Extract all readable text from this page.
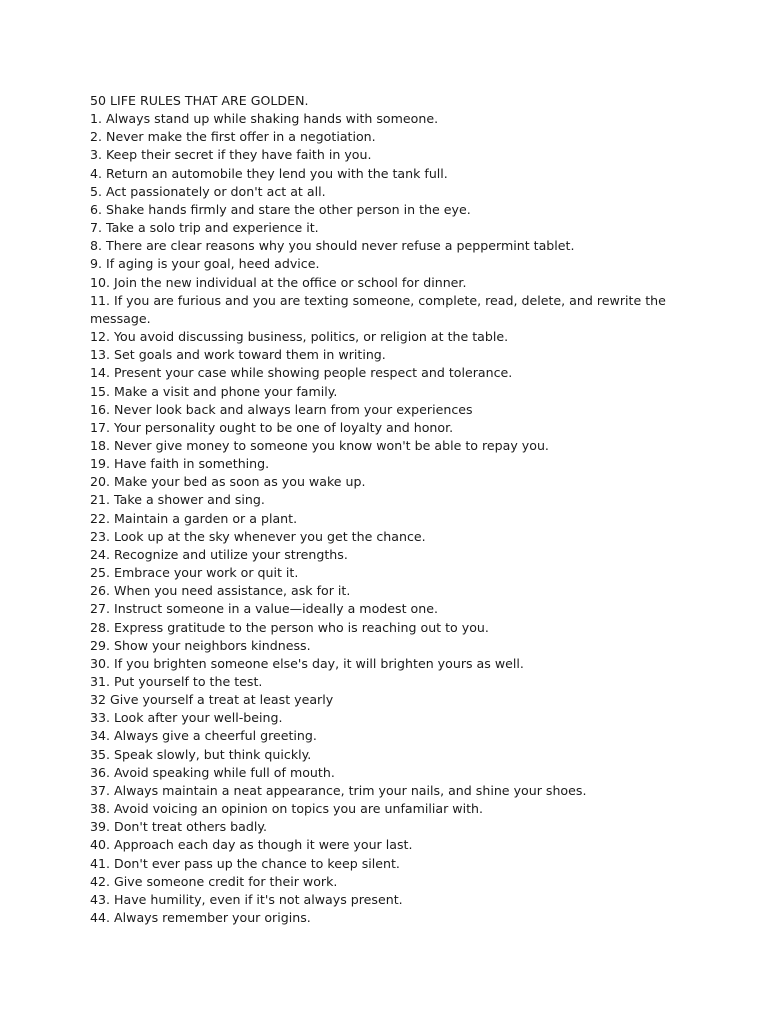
50 LIFE RULES THAT ARE GOLDEN.
1. Always stand up while shaking hands with someone.
2. Never make the first offer in a negotiation.
3. Keep their secret if they have faith in you.
4. Return an automobile they lend you with the tank full.
5. Act passionately or don't act at all.
6. Shake hands firmly and stare the other person in the eye.
7. Take a solo trip and experience it.
8. There are clear reasons why you should never refuse a peppermint tablet.
9. If aging is your goal, heed advice.
10. Join the new individual at the office or school for dinner.
11. If you are furious and you are texting someone, complete, read, delete, and rewrite the message.
12. You avoid discussing business, politics, or religion at the table.
13. Set goals and work toward them in writing.
14. Present your case while showing people respect and tolerance.
15. Make a visit and phone your family.
16. Never look back and always learn from your experiences
17. Your personality ought to be one of loyalty and honor.
18. Never give money to someone you know won't be able to repay you.
19. Have faith in something.
20. Make your bed as soon as you wake up.
21. Take a shower and sing.
22. Maintain a garden or a plant.
23. Look up at the sky whenever you get the chance.
24. Recognize and utilize your strengths.
25. Embrace your work or quit it.
26. When you need assistance, ask for it.
27. Instruct someone in a value—ideally a modest one.
28. Express gratitude to the person who is reaching out to you.
29. Show your neighbors kindness.
30. If you brighten someone else's day, it will brighten yours as well.
31. Put yourself to the test.
32 Give yourself a treat at least yearly
33. Look after your well-being.
34. Always give a cheerful greeting.
35. Speak slowly, but think quickly.
36. Avoid speaking while full of mouth.
37. Always maintain a neat appearance, trim your nails, and shine your shoes.
38. Avoid voicing an opinion on topics you are unfamiliar with.
39. Don't treat others badly.
40. Approach each day as though it were your last.
41. Don't ever pass up the chance to keep silent.
42. Give someone credit for their work.
43. Have humility, even if it's not always present.
44. Always remember your origins.
